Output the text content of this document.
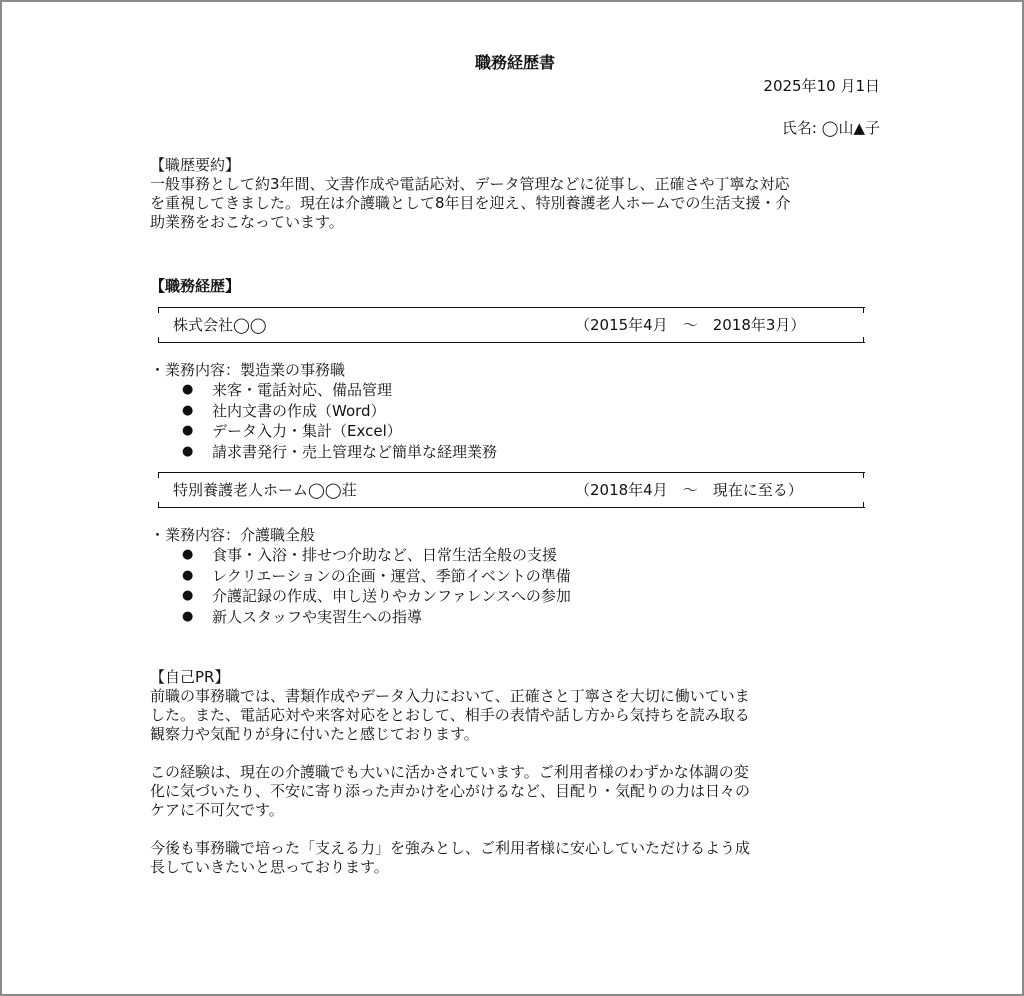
職務経歴書
2025年10 月1日
氏名: ◯山▲子
【職歴要約】

一般事務として約3年間、文書作成や電話応対、データ管理などに従事し、正確さや丁寧な対応

を重視してきました。現在は介護職として8年目を迎え、特別養護老人ホームでの生活支援・介

助業務をおこなっています。

【職務経歴】
株式会社◯◯	（2015年4月　～　2018年3月）
・業務内容：製造業の事務職
● 来客・電話対応、備品管理
● 社内文書の作成（Word）
● データ入力・集計（Excel）
● 請求書発行・売上管理など簡単な経理業務
特別養護老人ホーム◯◯荘	（2018年4月　～　現在に至る）
・業務内容：介護職全般
● 食事・入浴・排せつ介助など、日常生活全般の支援
● レクリエーションの企画・運営、季節イベントの準備
● 介護記録の作成、申し送りやカンファレンスへの参加
● 新人スタッフや実習生への指導
【自己PR】

前職の事務職では、書類作成やデータ入力において、正確さと丁寧さを大切に働いていま

した。また、電話応対や来客対応をとおして、相手の表情や話し方から気持ちを読み取る

観察力や気配りが身に付いたと感じております。

この経験は、現在の介護職でも大いに活かされています。ご利用者様のわずかな体調の変

化に気づいたり、不安に寄り添った声かけを心がけるなど、目配り・気配りの力は日々の

ケアに不可欠です。

今後も事務職で培った「支える力」を強みとし、ご利用者様に安心していただけるよう成

長していきたいと思っております。
